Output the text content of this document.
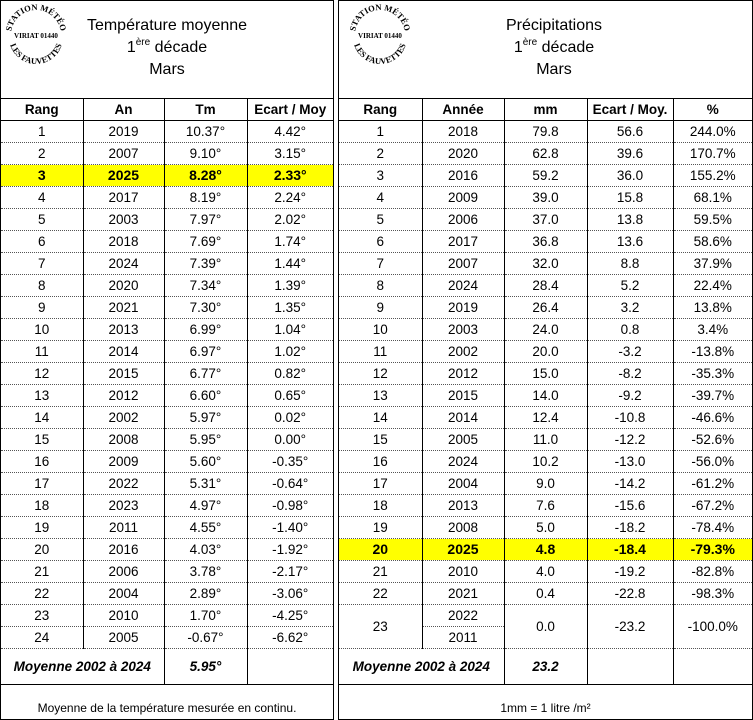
STATION MÉTÉO
VIRIAT 01440
LES FAUVETTES
Température moyenne
1ère décade
Mars
Rang	An	Tm	Ecart / Moy
1	2019	10.37°	4.42°
2	2007	9.10°	3.15°
3	2025	8.28°	2.33°
4	2017	8.19°	2.24°
5	2003	7.97°	2.02°
6	2018	7.69°	1.74°
7	2024	7.39°	1.44°
8	2020	7.34°	1.39°
9	2021	7.30°	1.35°
10	2013	6.99°	1.04°
11	2014	6.97°	1.02°
12	2015	6.77°	0.82°
13	2012	6.60°	0.65°
14	2002	5.97°	0.02°
15	2008	5.95°	0.00°
16	2009	5.60°	-0.35°
17	2022	5.31°	-0.64°
18	2023	4.97°	-0.98°
19	2011	4.55°	-1.40°
20	2016	4.03°	-1.92°
21	2006	3.78°	-2.17°
22	2004	2.89°	-3.06°
23	2010	1.70°	-4.25°
24	2005	-0.67°	-6.62°
Moyenne 2002 à 2024		5.95°	
Moyenne de la température mesurée en continu.
STATION MÉTÉO
VIRIAT 01440
LES FAUVETTES
Précipitations
1ère décade
Mars
Rang	Année	mm	Ecart / Moy.	%
1	2018	79.8	56.6	244.0%
2	2020	62.8	39.6	170.7%
3	2016	59.2	36.0	155.2%
4	2009	39.0	15.8	68.1%
5	2006	37.0	13.8	59.5%
6	2017	36.8	13.6	58.6%
7	2007	32.0	8.8	37.9%
8	2024	28.4	5.2	22.4%
9	2019	26.4	3.2	13.8%
10	2003	24.0	0.8	3.4%
11	2002	20.0	-3.2	-13.8%
12	2012	15.0	-8.2	-35.3%
13	2015	14.0	-9.2	-39.7%
14	2014	12.4	-10.8	-46.6%
15	2005	11.0	-12.2	-52.6%
16	2024	10.2	-13.0	-56.0%
17	2004	9.0	-14.2	-61.2%
18	2013	7.6	-15.6	-67.2%
19	2008	5.0	-18.2	-78.4%
20	2025	4.8	-18.4	-79.3%
21	2010	4.0	-19.2	-82.8%
22	2021	0.4	-22.8	-98.3%
23	2022	0.0	-23.2	-100.0%
	2011			
Moyenne 2002 à 2024		23.2		
1mm = 1 litre /m²
